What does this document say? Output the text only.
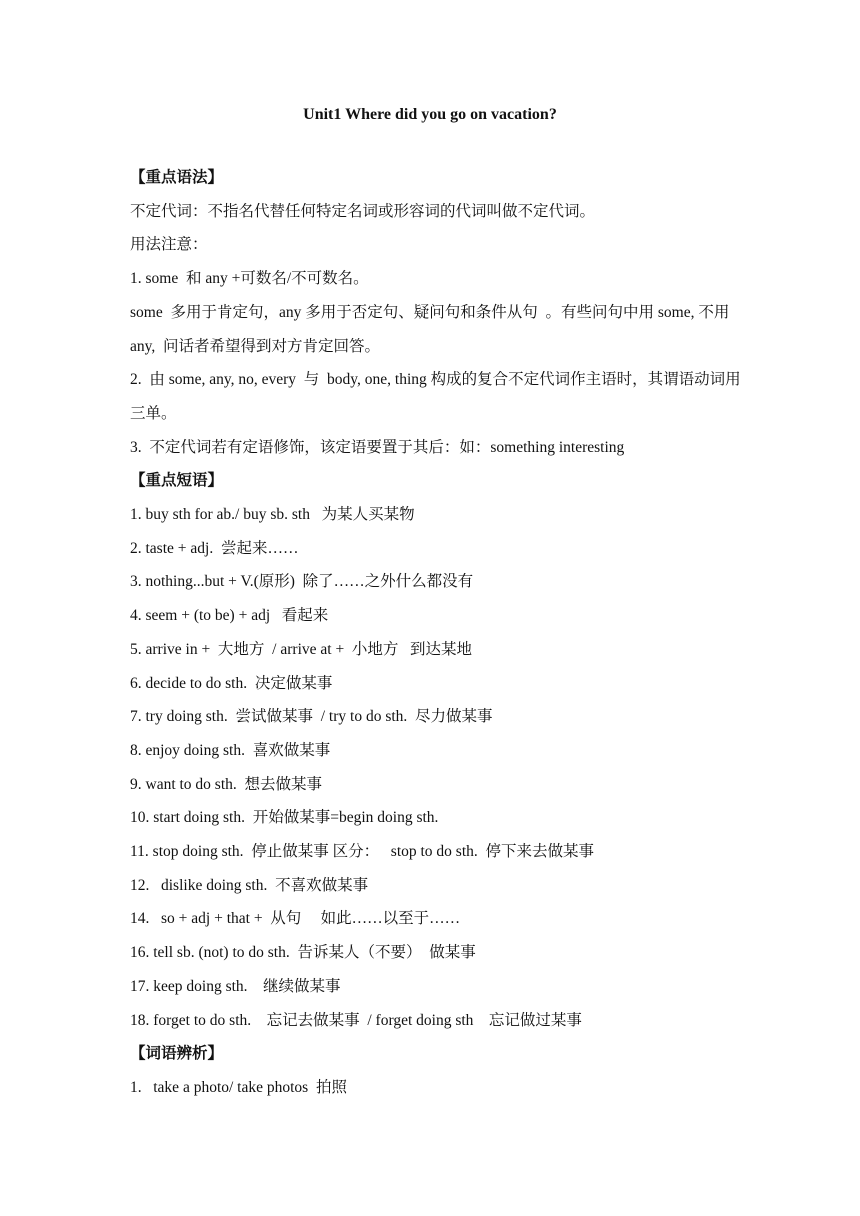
Unit1 Where did you go on vacation?
【重点语法】
不定代词：不指名代替任何特定名词或形容词的代词叫做不定代词。
用法注意：
1. some  和 any +可数名/不可数名。
some  多用于肯定句，any 多用于否定句、疑问句和条件从句  。有些问句中用 some, 不用 any,  问话者希望得到对方肯定回答。
2.  由 some, any, no, every  与  body, one, thing 构成的复合不定代词作主语时，其谓语动词用三单。
3.  不定代词若有定语修饰，该定语要置于其后：如：something interesting
【重点短语】
1. buy sth for ab./ buy sb. sth   为某人买某物
2. taste + adj.  尝起来……
3. nothing...but + V.(原形)  除了……之外什么都没有
4. seem + (to be) + adj   看起来
5. arrive in +  大地方  / arrive at +  小地方   到达某地
6. decide to do sth.  决定做某事
7. try doing sth.  尝试做某事  / try to do sth.  尽力做某事
8. enjoy doing sth.  喜欢做某事
9. want to do sth.  想去做某事
10. start doing sth.  开始做某事=begin doing sth.
11. stop doing sth.  停止做某事 区分：   stop to do sth.  停下来去做某事
12.   dislike doing sth.  不喜欢做某事
14.   so + adj + that +  从句     如此……以至于……
16. tell sb. (not) to do sth.  告诉某人（不要）  做某事
17. keep doing sth.    继续做某事
18. forget to do sth.    忘记去做某事  / forget doing sth    忘记做过某事
【词语辨析】
1.   take a photo/ take photos  拍照
